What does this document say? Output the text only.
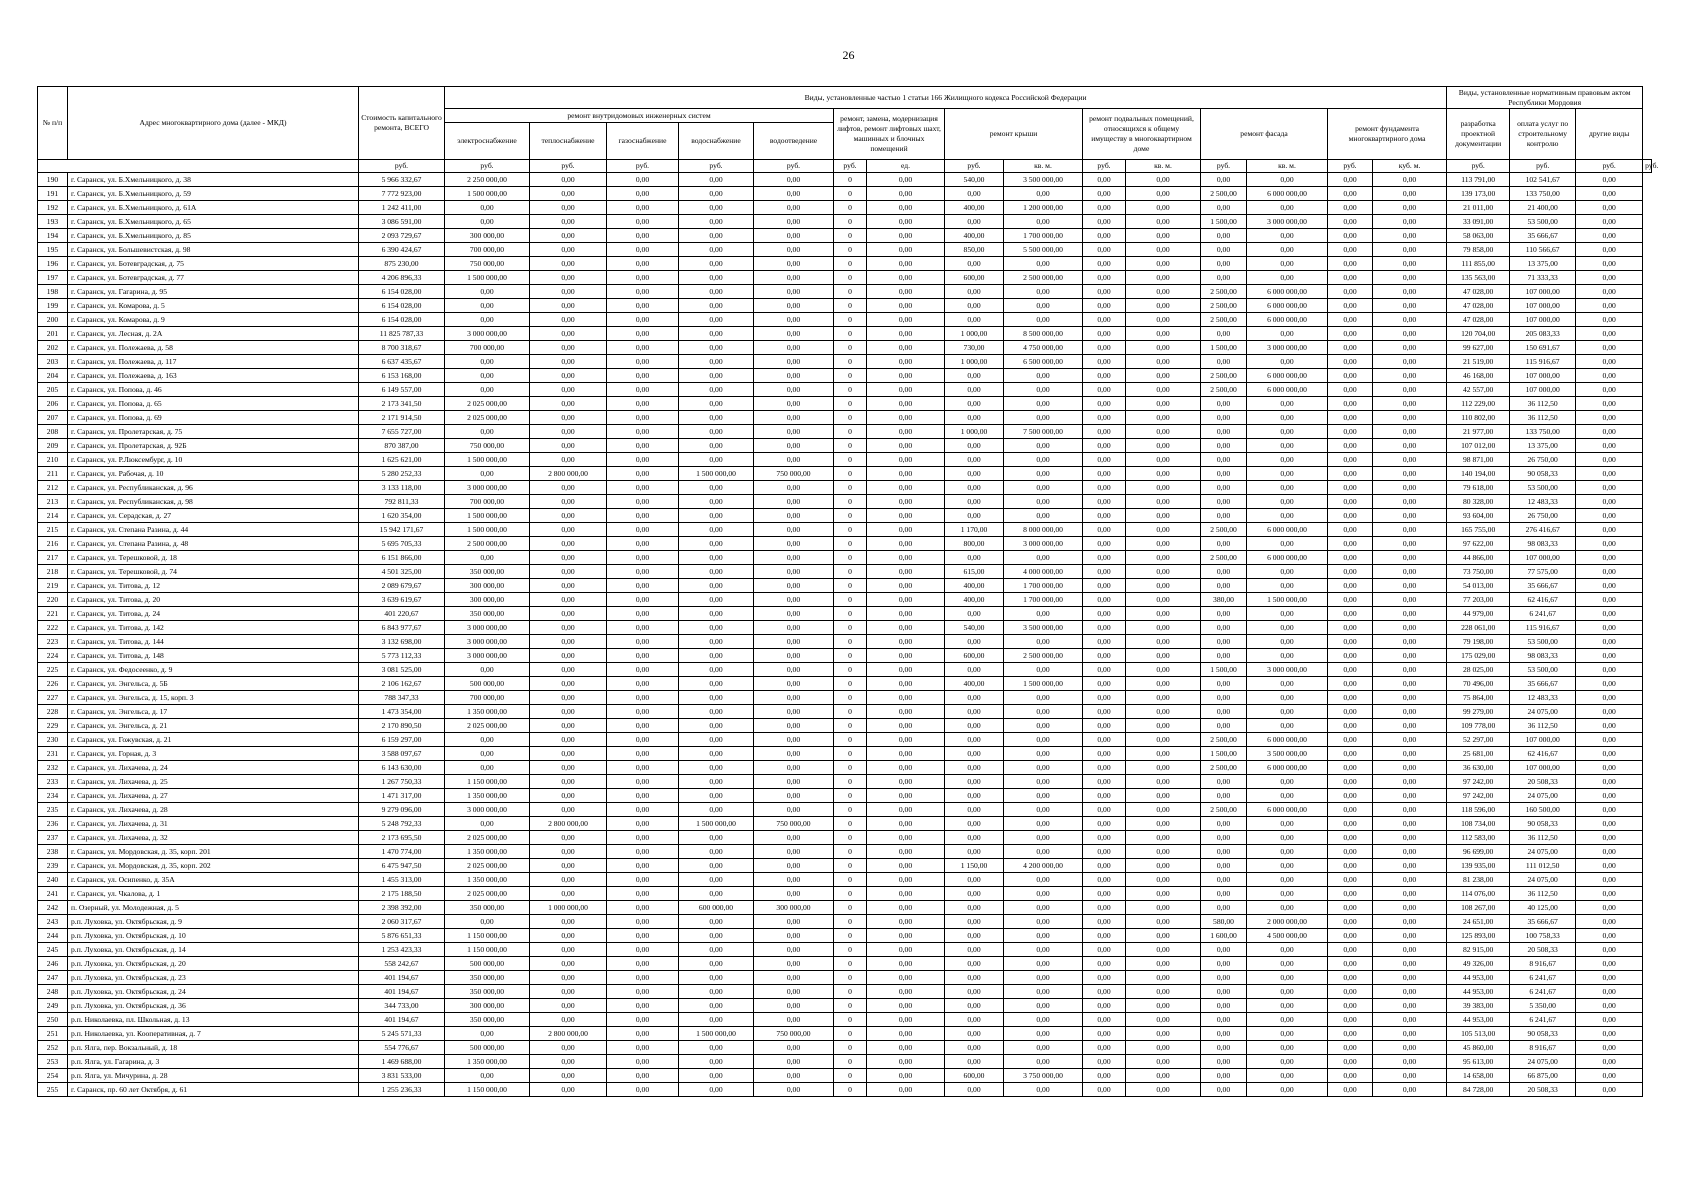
26
№ п/п	Адрес многоквартирного дома (далее - МКД)	Стоимость капитального ремонта, ВСЕГО	Виды, установленные частью 1 статьи 166 Жилищного кодекса Российской Федерации															Виды, установленные нормативным правовым актом Республики Мордовия			
			ремонт внутридомовых инженерных систем					ремонт, замена, модернизация лифтов, ремонт лифтовых шахт, машинных и блочных помещений		ремонт крыши		ремонт подвальных помещений, относящихся к общему имуществу в многоквартирном доме		ремонт фасада		ремонт фундамента многоквартирного дома		разработка проектной документации	оплата услуг по строительному контролю	другие виды	
			электроснабжение	теплоснабжение	газоснабжение	водоснабжение	водоотведение														
		руб.	руб.	руб.	руб.	руб.	руб.	руб.	ед.	руб.	кв. м.	руб.	кв. м.	руб.	кв. м.	руб.	куб. м.	руб.	руб.	руб.	руб.
190	г. Саранск, ул. Б.Хмельницкого, д. 38	5 966 332,67	2 250 000,00	0,00	0,00	0,00	0,00	0	0,00	540,00	3 500 000,00	0,00	0,00	0,00	0,00	0,00	0,00	113 791,00	102 541,67	0,00	
191	г. Саранск, ул. Б.Хмельницкого, д. 59	7 772 923,00	1 500 000,00	0,00	0,00	0,00	0,00	0	0,00	0,00	0,00	0,00	0,00	2 500,00	6 000 000,00	0,00	0,00	139 173,00	133 750,00	0,00	
192	г. Саранск, ул. Б.Хмельницкого, д. 61А	1 242 411,00	0,00	0,00	0,00	0,00	0,00	0	0,00	400,00	1 200 000,00	0,00	0,00	0,00	0,00	0,00	0,00	21 011,00	21 400,00	0,00	
193	г. Саранск, ул. Б.Хмельницкого, д. 65	3 086 591,00	0,00	0,00	0,00	0,00	0,00	0	0,00	0,00	0,00	0,00	0,00	1 500,00	3 000 000,00	0,00	0,00	33 091,00	53 500,00	0,00	
194	г. Саранск, ул. Б.Хмельницкого, д. 85	2 093 729,67	300 000,00	0,00	0,00	0,00	0,00	0	0,00	400,00	1 700 000,00	0,00	0,00	0,00	0,00	0,00	0,00	58 063,00	35 666,67	0,00	
195	г. Саранск, ул. Большевистская, д. 98	6 390 424,67	700 000,00	0,00	0,00	0,00	0,00	0	0,00	850,00	5 500 000,00	0,00	0,00	0,00	0,00	0,00	0,00	79 858,00	110 566,67	0,00	
196	г. Саранск, ул. Ботевградская, д. 75	875 230,00	750 000,00	0,00	0,00	0,00	0,00	0	0,00	0,00	0,00	0,00	0,00	0,00	0,00	0,00	0,00	111 855,00	13 375,00	0,00	
197	г. Саранск, ул. Ботевградская, д. 77	4 206 896,33	1 500 000,00	0,00	0,00	0,00	0,00	0	0,00	600,00	2 500 000,00	0,00	0,00	0,00	0,00	0,00	0,00	135 563,00	71 333,33	0,00	
198	г. Саранск, ул. Гагарина, д. 95	6 154 028,00	0,00	0,00	0,00	0,00	0,00	0	0,00	0,00	0,00	0,00	0,00	2 500,00	6 000 000,00	0,00	0,00	47 028,00	107 000,00	0,00	
199	г. Саранск, ул. Комарова, д. 5	6 154 028,00	0,00	0,00	0,00	0,00	0,00	0	0,00	0,00	0,00	0,00	0,00	2 500,00	6 000 000,00	0,00	0,00	47 028,00	107 000,00	0,00	
200	г. Саранск, ул. Комарова, д. 9	6 154 028,00	0,00	0,00	0,00	0,00	0,00	0	0,00	0,00	0,00	0,00	0,00	2 500,00	6 000 000,00	0,00	0,00	47 028,00	107 000,00	0,00	
201	г. Саранск, ул. Лесная, д. 2А	11 825 787,33	3 000 000,00	0,00	0,00	0,00	0,00	0	0,00	1 000,00	8 500 000,00	0,00	0,00	0,00	0,00	0,00	0,00	120 704,00	205 083,33	0,00	
202	г. Саранск, ул. Полежаева, д. 58	8 700 318,67	700 000,00	0,00	0,00	0,00	0,00	0	0,00	730,00	4 750 000,00	0,00	0,00	1 500,00	3 000 000,00	0,00	0,00	99 627,00	150 691,67	0,00	
203	г. Саранск, ул. Полежаева, д. 117	6 637 435,67	0,00	0,00	0,00	0,00	0,00	0	0,00	1 000,00	6 500 000,00	0,00	0,00	0,00	0,00	0,00	0,00	21 519,00	115 916,67	0,00	
204	г. Саранск, ул. Полежаева, д. 163	6 153 168,00	0,00	0,00	0,00	0,00	0,00	0	0,00	0,00	0,00	0,00	0,00	2 500,00	6 000 000,00	0,00	0,00	46 168,00	107 000,00	0,00	
205	г. Саранск, ул. Попова, д. 46	6 149 557,00	0,00	0,00	0,00	0,00	0,00	0	0,00	0,00	0,00	0,00	0,00	2 500,00	6 000 000,00	0,00	0,00	42 557,00	107 000,00	0,00	
206	г. Саранск, ул. Попова, д. 65	2 173 341,50	2 025 000,00	0,00	0,00	0,00	0,00	0	0,00	0,00	0,00	0,00	0,00	0,00	0,00	0,00	0,00	112 229,00	36 112,50	0,00	
207	г. Саранск, ул. Попова, д. 69	2 171 914,50	2 025 000,00	0,00	0,00	0,00	0,00	0	0,00	0,00	0,00	0,00	0,00	0,00	0,00	0,00	0,00	110 802,00	36 112,50	0,00	
208	г. Саранск, ул. Пролетарская, д. 75	7 655 727,00	0,00	0,00	0,00	0,00	0,00	0	0,00	1 000,00	7 500 000,00	0,00	0,00	0,00	0,00	0,00	0,00	21 977,00	133 750,00	0,00	
209	г. Саранск, ул. Пролетарская, д. 92Б	870 387,00	750 000,00	0,00	0,00	0,00	0,00	0	0,00	0,00	0,00	0,00	0,00	0,00	0,00	0,00	0,00	107 012,00	13 375,00	0,00	
210	г. Саранск, ул. Р.Люксембург, д. 10	1 625 621,00	1 500 000,00	0,00	0,00	0,00	0,00	0	0,00	0,00	0,00	0,00	0,00	0,00	0,00	0,00	0,00	98 871,00	26 750,00	0,00	
211	г. Саранск, ул. Рабочая, д. 10	5 280 252,33	0,00	2 800 000,00	0,00	1 500 000,00	750 000,00	0	0,00	0,00	0,00	0,00	0,00	0,00	0,00	0,00	0,00	140 194,00	90 058,33	0,00	
212	г. Саранск, ул. Республиканская, д. 96	3 133 118,00	3 000 000,00	0,00	0,00	0,00	0,00	0	0,00	0,00	0,00	0,00	0,00	0,00	0,00	0,00	0,00	79 618,00	53 500,00	0,00	
213	г. Саранск, ул. Республиканская, д. 98	792 811,33	700 000,00	0,00	0,00	0,00	0,00	0	0,00	0,00	0,00	0,00	0,00	0,00	0,00	0,00	0,00	80 328,00	12 483,33	0,00	
214	г. Саранск, ул. Серадская, д. 27	1 620 354,00	1 500 000,00	0,00	0,00	0,00	0,00	0	0,00	0,00	0,00	0,00	0,00	0,00	0,00	0,00	0,00	93 604,00	26 750,00	0,00	
215	г. Саранск, ул. Степана Разина, д. 44	15 942 171,67	1 500 000,00	0,00	0,00	0,00	0,00	0	0,00	1 170,00	8 000 000,00	0,00	0,00	2 500,00	6 000 000,00	0,00	0,00	165 755,00	276 416,67	0,00	
216	г. Саранск, ул. Степана Разина, д. 48	5 695 705,33	2 500 000,00	0,00	0,00	0,00	0,00	0	0,00	800,00	3 000 000,00	0,00	0,00	0,00	0,00	0,00	0,00	97 622,00	98 083,33	0,00	
217	г. Саранск, ул. Терешковой, д. 18	6 151 866,00	0,00	0,00	0,00	0,00	0,00	0	0,00	0,00	0,00	0,00	0,00	2 500,00	6 000 000,00	0,00	0,00	44 866,00	107 000,00	0,00	
218	г. Саранск, ул. Терешковой, д. 74	4 501 325,00	350 000,00	0,00	0,00	0,00	0,00	0	0,00	615,00	4 000 000,00	0,00	0,00	0,00	0,00	0,00	0,00	73 750,00	77 575,00	0,00	
219	г. Саранск, ул. Титова, д. 12	2 089 679,67	300 000,00	0,00	0,00	0,00	0,00	0	0,00	400,00	1 700 000,00	0,00	0,00	0,00	0,00	0,00	0,00	54 013,00	35 666,67	0,00	
220	г. Саранск, ул. Титова, д. 20	3 639 619,67	300 000,00	0,00	0,00	0,00	0,00	0	0,00	400,00	1 700 000,00	0,00	0,00	380,00	1 500 000,00	0,00	0,00	77 203,00	62 416,67	0,00	
221	г. Саранск, ул. Титова, д. 24	401 220,67	350 000,00	0,00	0,00	0,00	0,00	0	0,00	0,00	0,00	0,00	0,00	0,00	0,00	0,00	0,00	44 979,00	6 241,67	0,00	
222	г. Саранск, ул. Титова, д. 142	6 843 977,67	3 000 000,00	0,00	0,00	0,00	0,00	0	0,00	540,00	3 500 000,00	0,00	0,00	0,00	0,00	0,00	0,00	228 061,00	115 916,67	0,00	
223	г. Саранск, ул. Титова, д. 144	3 132 698,00	3 000 000,00	0,00	0,00	0,00	0,00	0	0,00	0,00	0,00	0,00	0,00	0,00	0,00	0,00	0,00	79 198,00	53 500,00	0,00	
224	г. Саранск, ул. Титова, д. 148	5 773 112,33	3 000 000,00	0,00	0,00	0,00	0,00	0	0,00	600,00	2 500 000,00	0,00	0,00	0,00	0,00	0,00	0,00	175 029,00	98 083,33	0,00	
225	г. Саранск, ул. Федосеенко, д. 9	3 081 525,00	0,00	0,00	0,00	0,00	0,00	0	0,00	0,00	0,00	0,00	0,00	1 500,00	3 000 000,00	0,00	0,00	28 025,00	53 500,00	0,00	
226	г. Саранск, ул. Энгельса, д. 5Б	2 106 162,67	500 000,00	0,00	0,00	0,00	0,00	0	0,00	400,00	1 500 000,00	0,00	0,00	0,00	0,00	0,00	0,00	70 496,00	35 666,67	0,00	
227	г. Саранск, ул. Энгельса, д. 15, корп. 3	788 347,33	700 000,00	0,00	0,00	0,00	0,00	0	0,00	0,00	0,00	0,00	0,00	0,00	0,00	0,00	0,00	75 864,00	12 483,33	0,00	
228	г. Саранск, ул. Энгельса, д. 17	1 473 354,00	1 350 000,00	0,00	0,00	0,00	0,00	0	0,00	0,00	0,00	0,00	0,00	0,00	0,00	0,00	0,00	99 279,00	24 075,00	0,00	
229	г. Саранск, ул. Энгельса, д. 21	2 170 890,50	2 025 000,00	0,00	0,00	0,00	0,00	0	0,00	0,00	0,00	0,00	0,00	0,00	0,00	0,00	0,00	109 778,00	36 112,50	0,00	
230	г. Саранск, ул. Гожувская, д. 21	6 159 297,00	0,00	0,00	0,00	0,00	0,00	0	0,00	0,00	0,00	0,00	0,00	2 500,00	6 000 000,00	0,00	0,00	52 297,00	107 000,00	0,00	
231	г. Саранск, ул. Горная, д. 3	3 588 097,67	0,00	0,00	0,00	0,00	0,00	0	0,00	0,00	0,00	0,00	0,00	1 500,00	3 500 000,00	0,00	0,00	25 681,00	62 416,67	0,00	
232	г. Саранск, ул. Лихачева, д. 24	6 143 630,00	0,00	0,00	0,00	0,00	0,00	0	0,00	0,00	0,00	0,00	0,00	2 500,00	6 000 000,00	0,00	0,00	36 630,00	107 000,00	0,00	
233	г. Саранск, ул. Лихачева, д. 25	1 267 750,33	1 150 000,00	0,00	0,00	0,00	0,00	0	0,00	0,00	0,00	0,00	0,00	0,00	0,00	0,00	0,00	97 242,00	20 508,33	0,00	
234	г. Саранск, ул. Лихачева, д. 27	1 471 317,00	1 350 000,00	0,00	0,00	0,00	0,00	0	0,00	0,00	0,00	0,00	0,00	0,00	0,00	0,00	0,00	97 242,00	24 075,00	0,00	
235	г. Саранск, ул. Лихачева, д. 28	9 279 096,00	3 000 000,00	0,00	0,00	0,00	0,00	0	0,00	0,00	0,00	0,00	0,00	2 500,00	6 000 000,00	0,00	0,00	118 596,00	160 500,00	0,00	
236	г. Саранск, ул. Лихачева, д. 31	5 248 792,33	0,00	2 800 000,00	0,00	1 500 000,00	750 000,00	0	0,00	0,00	0,00	0,00	0,00	0,00	0,00	0,00	0,00	108 734,00	90 058,33	0,00	
237	г. Саранск, ул. Лихачева, д. 32	2 173 695,50	2 025 000,00	0,00	0,00	0,00	0,00	0	0,00	0,00	0,00	0,00	0,00	0,00	0,00	0,00	0,00	112 583,00	36 112,50	0,00	
238	г. Саранск, ул. Мордовская, д. 35, корп. 201	1 470 774,00	1 350 000,00	0,00	0,00	0,00	0,00	0	0,00	0,00	0,00	0,00	0,00	0,00	0,00	0,00	0,00	96 699,00	24 075,00	0,00	
239	г. Саранск, ул. Мордовская, д. 35, корп. 202	6 475 947,50	2 025 000,00	0,00	0,00	0,00	0,00	0	0,00	1 150,00	4 200 000,00	0,00	0,00	0,00	0,00	0,00	0,00	139 935,00	111 012,50	0,00	
240	г. Саранск, ул. Осипенко, д. 35А	1 455 313,00	1 350 000,00	0,00	0,00	0,00	0,00	0	0,00	0,00	0,00	0,00	0,00	0,00	0,00	0,00	0,00	81 238,00	24 075,00	0,00	
241	г. Саранск, ул. Чкалова, д. 1	2 175 188,50	2 025 000,00	0,00	0,00	0,00	0,00	0	0,00	0,00	0,00	0,00	0,00	0,00	0,00	0,00	0,00	114 076,00	36 112,50	0,00	
242	п. Озерный, ул. Молодежная, д. 5	2 398 392,00	350 000,00	1 000 000,00	0,00	600 000,00	300 000,00	0	0,00	0,00	0,00	0,00	0,00	0,00	0,00	0,00	0,00	108 267,00	40 125,00	0,00	
243	р.п. Луховка, ул. Октябрьская, д. 9	2 060 317,67	0,00	0,00	0,00	0,00	0,00	0	0,00	0,00	0,00	0,00	0,00	580,00	2 000 000,00	0,00	0,00	24 651,00	35 666,67	0,00	
244	р.п. Луховка, ул. Октябрьская, д. 10	5 876 651,33	1 150 000,00	0,00	0,00	0,00	0,00	0	0,00	0,00	0,00	0,00	0,00	1 600,00	4 500 000,00	0,00	0,00	125 893,00	100 758,33	0,00	
245	р.п. Луховка, ул. Октябрьская, д. 14	1 253 423,33	1 150 000,00	0,00	0,00	0,00	0,00	0	0,00	0,00	0,00	0,00	0,00	0,00	0,00	0,00	0,00	82 915,00	20 508,33	0,00	
246	р.п. Луховка, ул. Октябрьская, д. 20	558 242,67	500 000,00	0,00	0,00	0,00	0,00	0	0,00	0,00	0,00	0,00	0,00	0,00	0,00	0,00	0,00	49 326,00	8 916,67	0,00	
247	р.п. Луховка, ул. Октябрьская, д. 23	401 194,67	350 000,00	0,00	0,00	0,00	0,00	0	0,00	0,00	0,00	0,00	0,00	0,00	0,00	0,00	0,00	44 953,00	6 241,67	0,00	
248	р.п. Луховка, ул. Октябрьская, д. 24	401 194,67	350 000,00	0,00	0,00	0,00	0,00	0	0,00	0,00	0,00	0,00	0,00	0,00	0,00	0,00	0,00	44 953,00	6 241,67	0,00	
249	р.п. Луховка, ул. Октябрьская, д. 36	344 733,00	300 000,00	0,00	0,00	0,00	0,00	0	0,00	0,00	0,00	0,00	0,00	0,00	0,00	0,00	0,00	39 383,00	5 350,00	0,00	
250	р.п. Николаевка, пл. Школьная, д. 13	401 194,67	350 000,00	0,00	0,00	0,00	0,00	0	0,00	0,00	0,00	0,00	0,00	0,00	0,00	0,00	0,00	44 953,00	6 241,67	0,00	
251	р.п. Николаевка, ул. Кооперативная, д. 7	5 245 571,33	0,00	2 800 000,00	0,00	1 500 000,00	750 000,00	0	0,00	0,00	0,00	0,00	0,00	0,00	0,00	0,00	0,00	105 513,00	90 058,33	0,00	
252	р.п. Ялга, пер. Вокзальный, д. 18	554 776,67	500 000,00	0,00	0,00	0,00	0,00	0	0,00	0,00	0,00	0,00	0,00	0,00	0,00	0,00	0,00	45 860,00	8 916,67	0,00	
253	р.п. Ялга, ул. Гагарина, д. 3	1 469 688,00	1 350 000,00	0,00	0,00	0,00	0,00	0	0,00	0,00	0,00	0,00	0,00	0,00	0,00	0,00	0,00	95 613,00	24 075,00	0,00	
254	р.п. Ялга, ул. Мичурина, д. 28	3 831 533,00	0,00	0,00	0,00	0,00	0,00	0	0,00	600,00	3 750 000,00	0,00	0,00	0,00	0,00	0,00	0,00	14 658,00	66 875,00	0,00	
255	г. Саранск, пр. 60 лет Октября, д. 61	1 255 236,33	1 150 000,00	0,00	0,00	0,00	0,00	0	0,00	0,00	0,00	0,00	0,00	0,00	0,00	0,00	0,00	84 728,00	20 508,33	0,00	
